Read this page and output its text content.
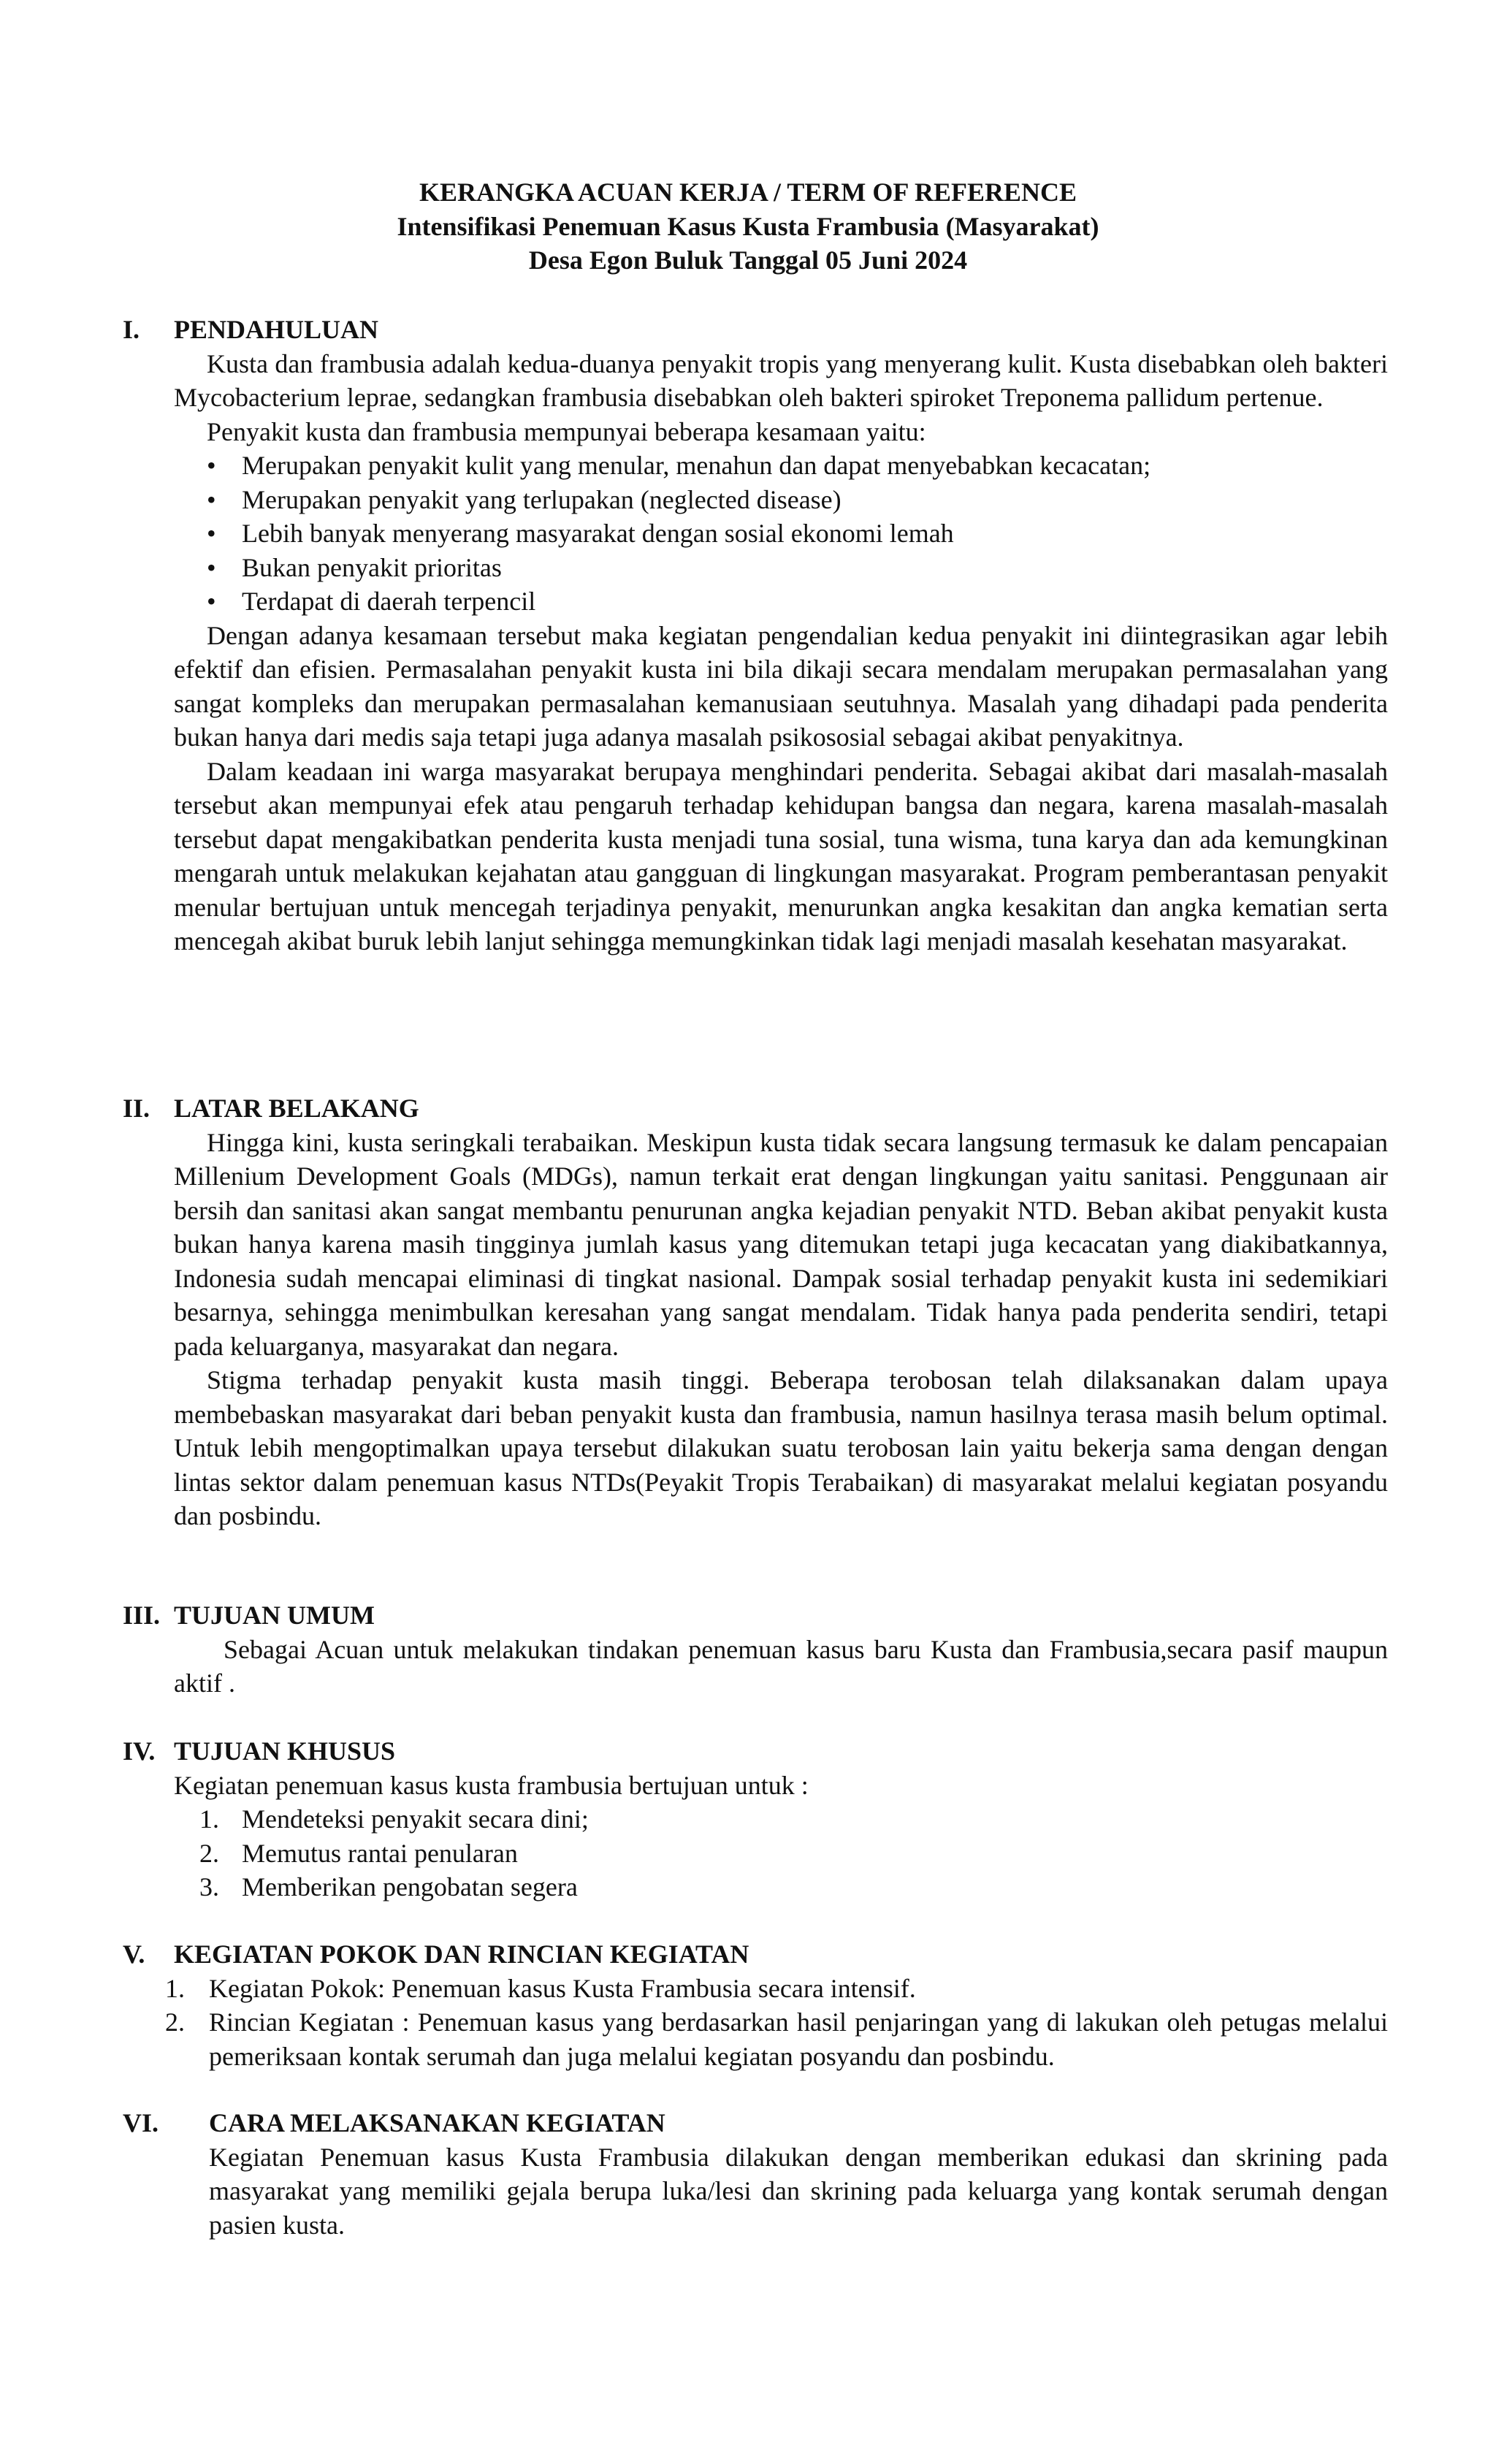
KERANGKA ACUAN KERJA / TERM OF REFERENCE
Intensifikasi Penemuan Kasus Kusta Frambusia (Masyarakat)
Desa Egon Buluk Tanggal 05 Juni 2024
I. PENDAHULUAN

Kusta dan frambusia adalah kedua-duanya penyakit tropis yang menyerang kulit. Kusta disebabkan oleh bakteri Mycobacterium leprae, sedangkan frambusia disebabkan oleh bakteri spiroket Treponema pallidum pertenue.

Penyakit kusta dan frambusia mempunyai beberapa kesamaan yaitu:

• Merupakan penyakit kulit yang menular, menahun dan dapat menyebabkan kecacatan;
• Merupakan penyakit yang terlupakan (neglected disease)
• Lebih banyak menyerang masyarakat dengan sosial ekonomi lemah
• Bukan penyakit prioritas
• Terdapat di daerah terpencil

Dengan adanya kesamaan tersebut maka kegiatan pengendalian kedua penyakit ini diintegrasikan agar lebih efektif dan efisien. Permasalahan penyakit kusta ini bila dikaji secara mendalam merupakan permasalahan yang sangat kompleks dan merupakan permasalahan kemanusiaan seutuhnya. Masalah yang dihadapi pada penderita bukan hanya dari medis saja tetapi juga adanya masalah psikososial sebagai akibat penyakitnya.

Dalam keadaan ini warga masyarakat berupaya menghindari penderita. Sebagai akibat dari masalah-masalah tersebut akan mempunyai efek atau pengaruh terhadap kehidupan bangsa dan negara, karena masalah-masalah tersebut dapat mengakibatkan penderita kusta menjadi tuna sosial, tuna wisma, tuna karya dan ada kemungkinan mengarah untuk melakukan kejahatan atau gangguan di lingkungan masyarakat. Program pemberantasan penyakit menular bertujuan untuk mencegah terjadinya penyakit, menurunkan angka kesakitan dan angka kematian serta mencegah akibat buruk lebih lanjut sehingga memungkinkan tidak lagi menjadi masalah kesehatan masyarakat.

II. LATAR BELAKANG

Hingga kini, kusta seringkali terabaikan. Meskipun kusta tidak secara langsung termasuk ke dalam pencapaian Millenium Development Goals (MDGs), namun terkait erat dengan lingkungan yaitu sanitasi. Penggunaan air bersih dan sanitasi akan sangat membantu penurunan angka kejadian penyakit NTD. Beban akibat penyakit kusta bukan hanya karena masih tingginya jumlah kasus yang ditemukan tetapi juga kecacatan yang diakibatkannya, Indonesia sudah mencapai eliminasi di tingkat nasional. Dampak sosial terhadap penyakit kusta ini sedemikiari besarnya, sehingga menimbulkan keresahan yang sangat mendalam. Tidak hanya pada penderita sendiri, tetapi pada keluarganya, masyarakat dan negara.

Stigma terhadap penyakit kusta masih tinggi. Beberapa terobosan telah dilaksanakan dalam upaya membebaskan masyarakat dari beban penyakit kusta dan frambusia, namun hasilnya terasa masih belum optimal. Untuk lebih mengoptimalkan upaya tersebut dilakukan suatu terobosan lain yaitu bekerja sama dengan dengan lintas sektor dalam penemuan kasus NTDs(Peyakit Tropis Terabaikan) di masyarakat melalui kegiatan posyandu dan posbindu.

III. TUJUAN UMUM

Sebagai Acuan untuk melakukan tindakan penemuan kasus baru Kusta dan Frambusia,secara pasif maupun aktif .

IV. TUJUAN KHUSUS

Kegiatan penemuan kasus kusta frambusia bertujuan untuk :

1. Mendeteksi penyakit secara dini;
2. Memutus rantai penularan
3. Memberikan pengobatan segera
V. KEGIATAN POKOK DAN RINCIAN KEGIATAN
1. Kegiatan Pokok: Penemuan kasus Kusta Frambusia secara intensif.
2. Rincian Kegiatan : Penemuan kasus yang berdasarkan hasil penjaringan yang di lakukan oleh petugas melalui pemeriksaan kontak serumah dan juga melalui kegiatan posyandu dan posbindu.
VI. CARA MELAKSANAKAN KEGIATAN

Kegiatan Penemuan kasus Kusta Frambusia dilakukan dengan memberikan edukasi dan skrining pada masyarakat yang memiliki gejala berupa luka/lesi dan skrining pada keluarga yang kontak serumah dengan pasien kusta.
